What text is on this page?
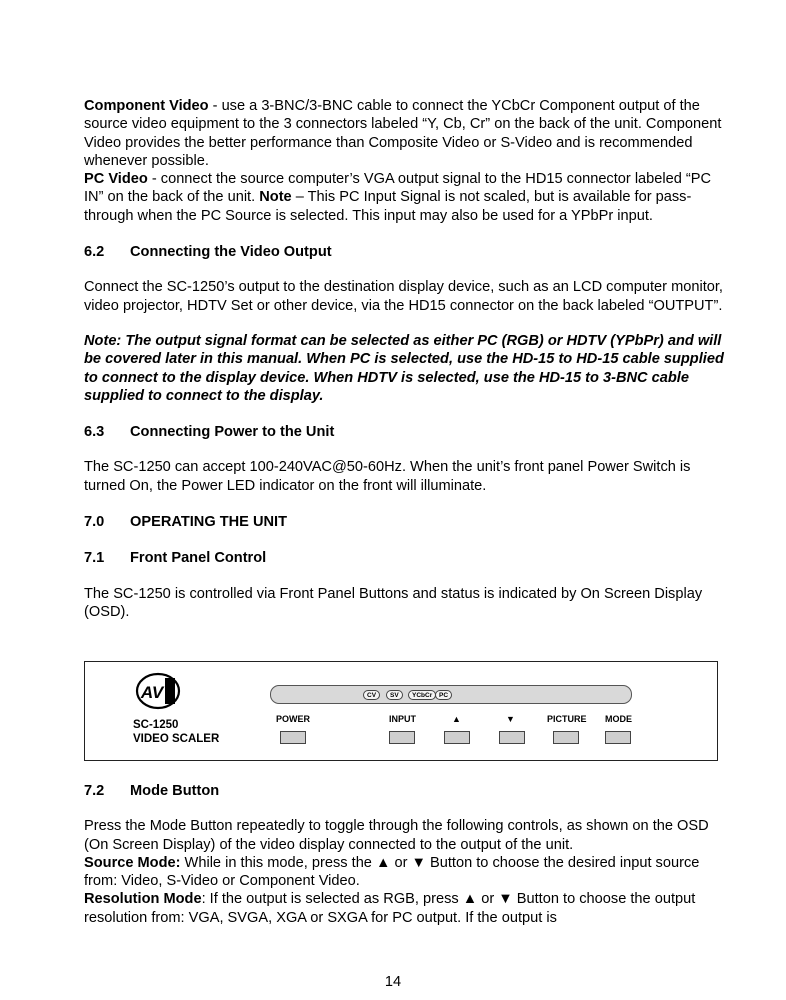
Component Video - use a 3-BNC/3-BNC cable to connect the YCbCr Component output of the source video equipment to the 3 connectors labeled “Y, Cb, Cr” on the back of the unit. Component Video provides the better performance than Composite Video or S-Video and is recommended whenever possible.

PC Video - connect the source computer’s VGA output signal to the HD15 connector labeled “PC IN” on the back of the unit. Note – This PC Input Signal is not scaled, but is available for pass-through when the PC Source is selected. This input may also be used for a YPbPr input.

6.2 Connecting the Video Output

Connect the SC-1250’s output to the destination display device, such as an LCD computer monitor, video projector, HDTV Set or other device, via the HD15 connector on the back labeled “OUTPUT”.

Note: The output signal format can be selected as either PC (RGB) or HDTV (YPbPr) and will be covered later in this manual. When PC is selected, use the HD-15 to HD-15 cable supplied to connect to the display device. When HDTV is selected, use the HD-15 to 3-BNC cable supplied to connect to the display.

6.3 Connecting Power to the Unit

The SC-1250 can accept 100-240VAC@50-60Hz. When the unit’s front panel Power Switch is turned On, the Power LED indicator on the front will illuminate.

7.0 OPERATING THE UNIT

7.1 Front Panel Control

The SC-1250 is controlled via Front Panel Buttons and status is indicated by On Screen Display (OSD).

AV
SC-1250
VIDEO SCALER
CV	SV	YCbCr	PC
POWER	INPUT	▲	▼	PICTURE MODE

7.2 Mode Button

Press the Mode Button repeatedly to toggle through the following controls, as shown on the OSD (On Screen Display) of the video display connected to the output of the unit.

Source Mode: While in this mode, press the ▲ or ▼ Button to choose the desired input source from: Video, S-Video or Component Video.

Resolution Mode: If the output is selected as RGB, press ▲ or ▼ Button to choose the output resolution from: VGA, SVGA, XGA or SXGA for PC output. If the output is

14
